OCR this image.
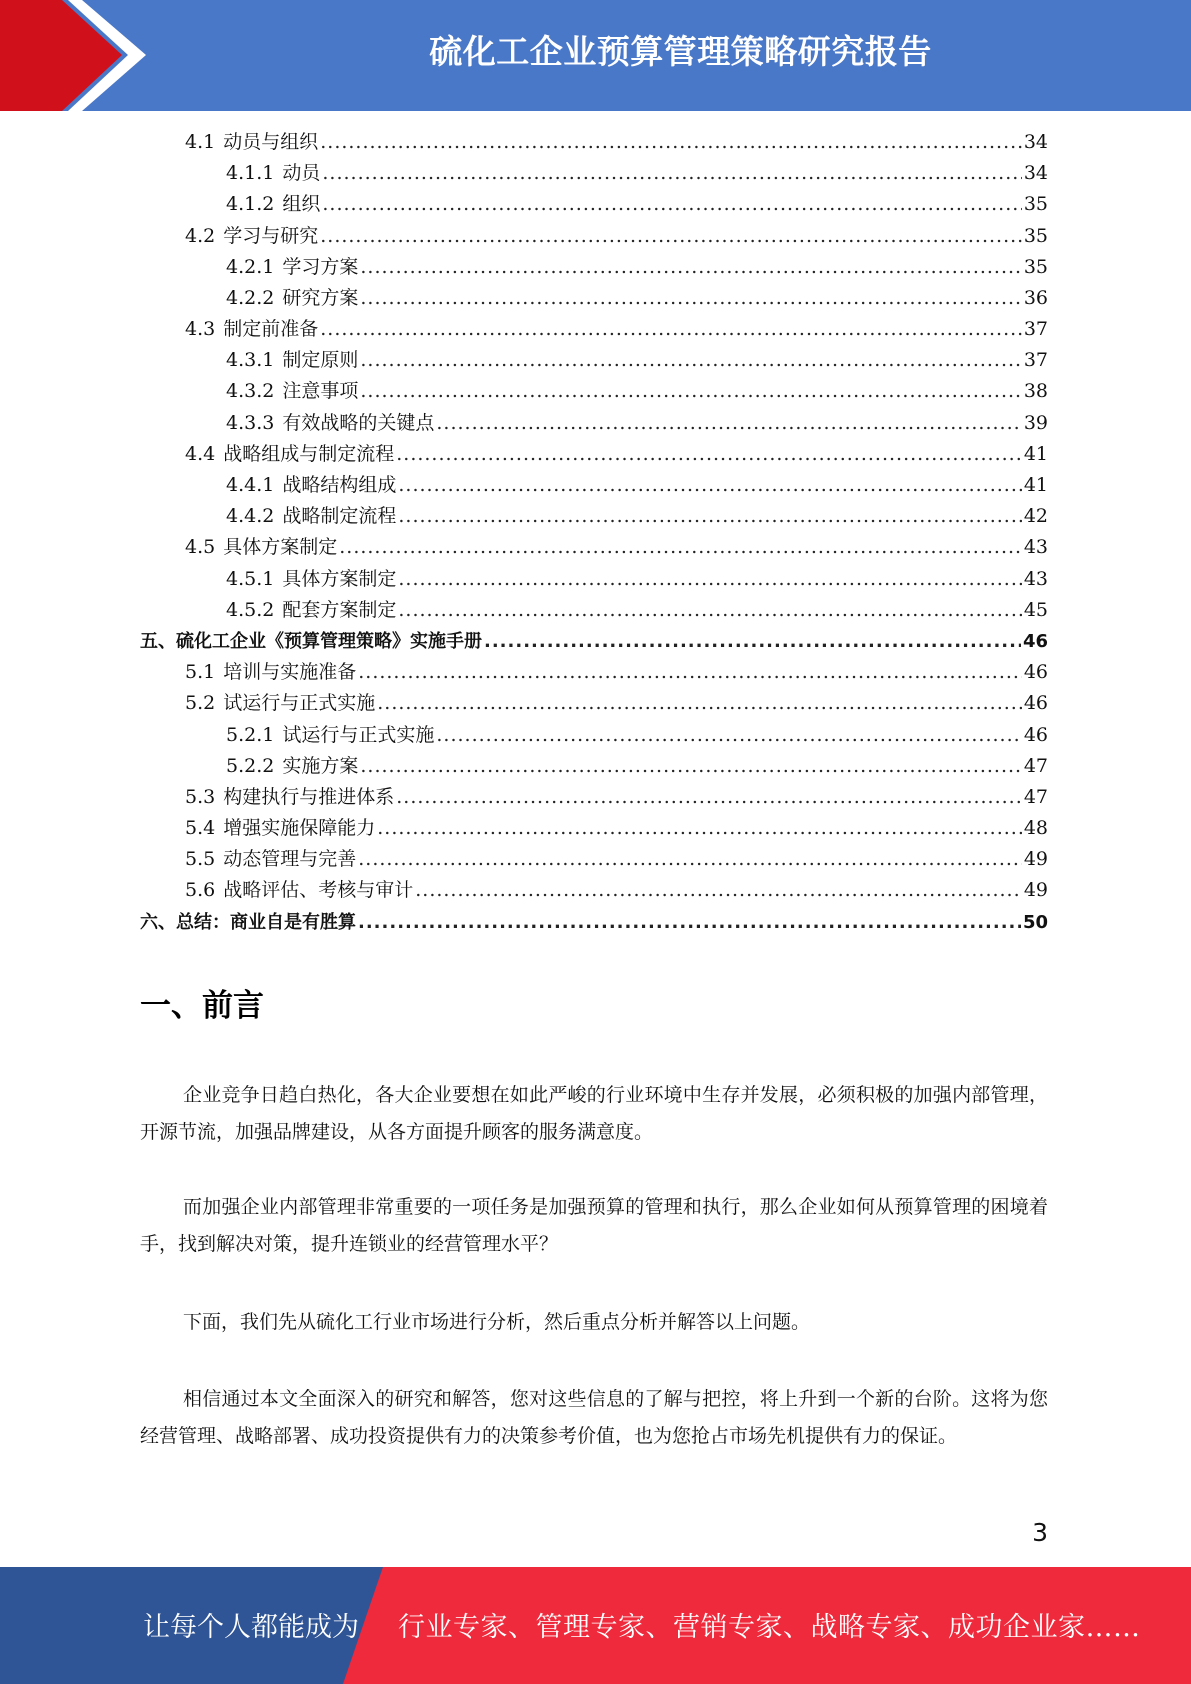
硫化工企业预算管理策略研究报告
4.1 动员与组织 .....	34
4.1.1 动员 .....	34
4.1.2 组织 .....	35
4.2 学习与研究 .....	35
4.2.1 学习方案 .....	35
4.2.2 研究方案 .....	36
4.3 制定前准备 .....	37
4.3.1 制定原则 .....	37
4.3.2 注意事项 .....	38
4.3.3 有效战略的关键点 .....	39
4.4 战略组成与制定流程 .....	41
4.4.1 战略结构组成 .....	41
4.4.2 战略制定流程 .....	42
4.5 具体方案制定 .....	43
4.5.1 具体方案制定 .....	43
4.5.2 配套方案制定 .....	45
五、硫化工企业《预算管理策略》实施手册 .....	46
5.1 培训与实施准备 .....	46
5.2 试运行与正式实施 .....	46
5.2.1 试运行与正式实施 .....	46
5.2.2 实施方案 .....	47
5.3 构建执行与推进体系 .....	47
5.4 增强实施保障能力 .....	48
5.5 动态管理与完善 .....	49
5.6 战略评估、考核与审计 .....	49
六、总结：商业自是有胜算 .....	50
一、前言

企业竞争日趋白热化，各大企业要想在如此严峻的行业环境中生存并发展，必须积极的加强内部管理，开源节流，加强品牌建设，从各方面提升顾客的服务满意度。

而加强企业内部管理非常重要的一项任务是加强预算的管理和执行，那么企业如何从预算管理的困境着手，找到解决对策，提升连锁业的经营管理水平？

下面，我们先从硫化工行业市场进行分析，然后重点分析并解答以上问题。

相信通过本文全面深入的研究和解答，您对这些信息的了解与把控，将上升到一个新的台阶。这将为您经营管理、战略部署、成功投资提供有力的决策参考价值，也为您抢占市场先机提供有力的保证。

3
让每个人都能成为 行业专家、管理专家、营销专家、战略专家、成功企业家……
